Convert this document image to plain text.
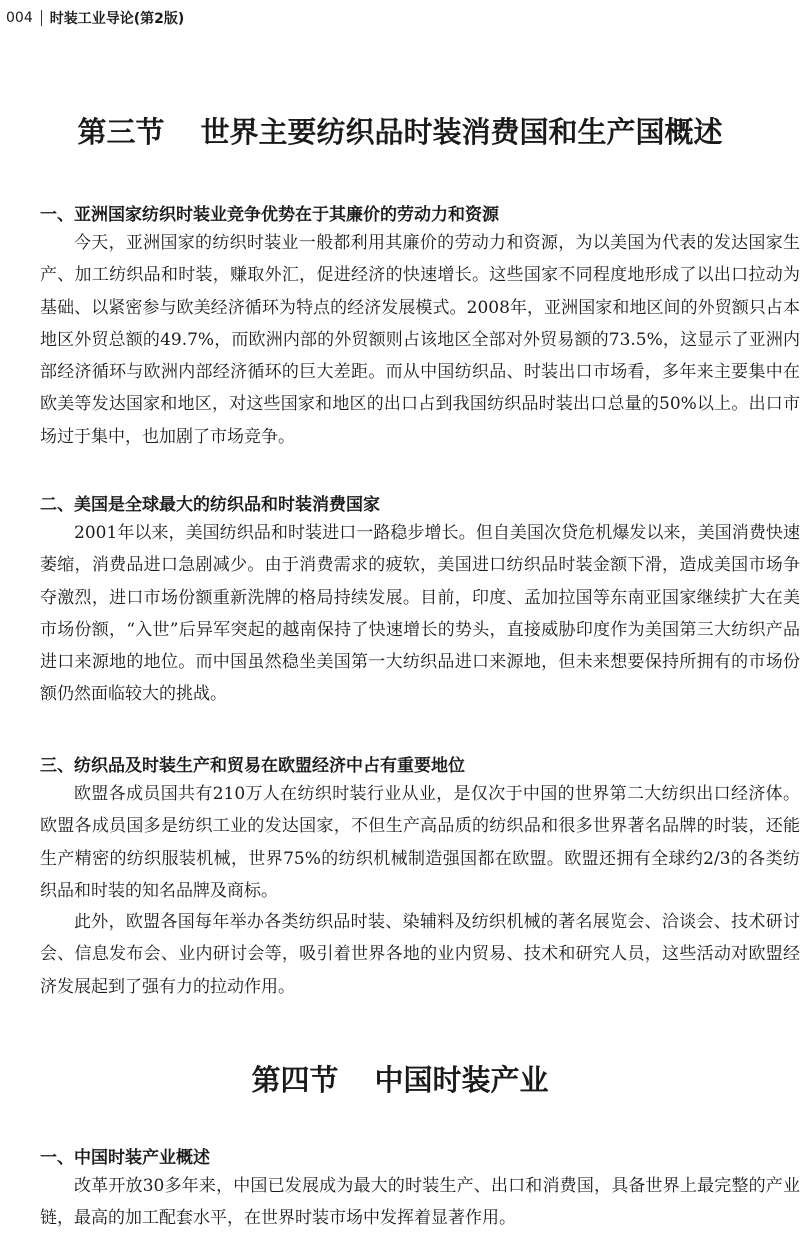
004 时装工业导论(第2版)
第三节 世界主要纺织品时装消费国和生产国概述
一、亚洲国家纺织时装业竞争优势在于其廉价的劳动力和资源

今天，亚洲国家的纺织时装业一般都利用其廉价的劳动力和资源，为以美国为代表的发达国家生产、加工纺织品和时装，赚取外汇，促进经济的快速增长。这些国家不同程度地形成了以出口拉动为基础、以紧密参与欧美经济循环为特点的经济发展模式。2008年，亚洲国家和地区间的外贸额只占本地区外贸总额的49.7%，而欧洲内部的外贸额则占该地区全部对外贸易额的73.5%，这显示了亚洲内部经济循环与欧洲内部经济循环的巨大差距。而从中国纺织品、时装出口市场看，多年来主要集中在欧美等发达国家和地区，对这些国家和地区的出口占到我国纺织品时装出口总量的50%以上。出口市场过于集中，也加剧了市场竞争。

二、美国是全球最大的纺织品和时装消费国家

2001年以来，美国纺织品和时装进口一路稳步增长。但自美国次贷危机爆发以来，美国消费快速萎缩，消费品进口急剧减少。由于消费需求的疲软，美国进口纺织品时装金额下滑，造成美国市场争夺激烈，进口市场份额重新洗牌的格局持续发展。目前，印度、孟加拉国等东南亚国家继续扩大在美市场份额，“入世”后异军突起的越南保持了快速增长的势头，直接威胁印度作为美国第三大纺织产品进口来源地的地位。而中国虽然稳坐美国第一大纺织品进口来源地，但未来想要保持所拥有的市场份额仍然面临较大的挑战。

三、纺织品及时装生产和贸易在欧盟经济中占有重要地位

欧盟各成员国共有210万人在纺织时装行业从业，是仅次于中国的世界第二大纺织出口经济体。欧盟各成员国多是纺织工业的发达国家，不但生产高品质的纺织品和很多世界著名品牌的时装，还能生产精密的纺织服装机械，世界75%的纺织机械制造强国都在欧盟。欧盟还拥有全球约2/3的各类纺织品和时装的知名品牌及商标。

此外，欧盟各国每年举办各类纺织品时装、染辅料及纺织机械的著名展览会、洽谈会、技术研讨会、信息发布会、业内研讨会等，吸引着世界各地的业内贸易、技术和研究人员，这些活动对欧盟经济发展起到了强有力的拉动作用。

第四节 中国时装产业
一、中国时装产业概述

改革开放30多年来，中国已发展成为最大的时装生产、出口和消费国，具备世界上最完整的产业链，最高的加工配套水平，在世界时装市场中发挥着显著作用。
